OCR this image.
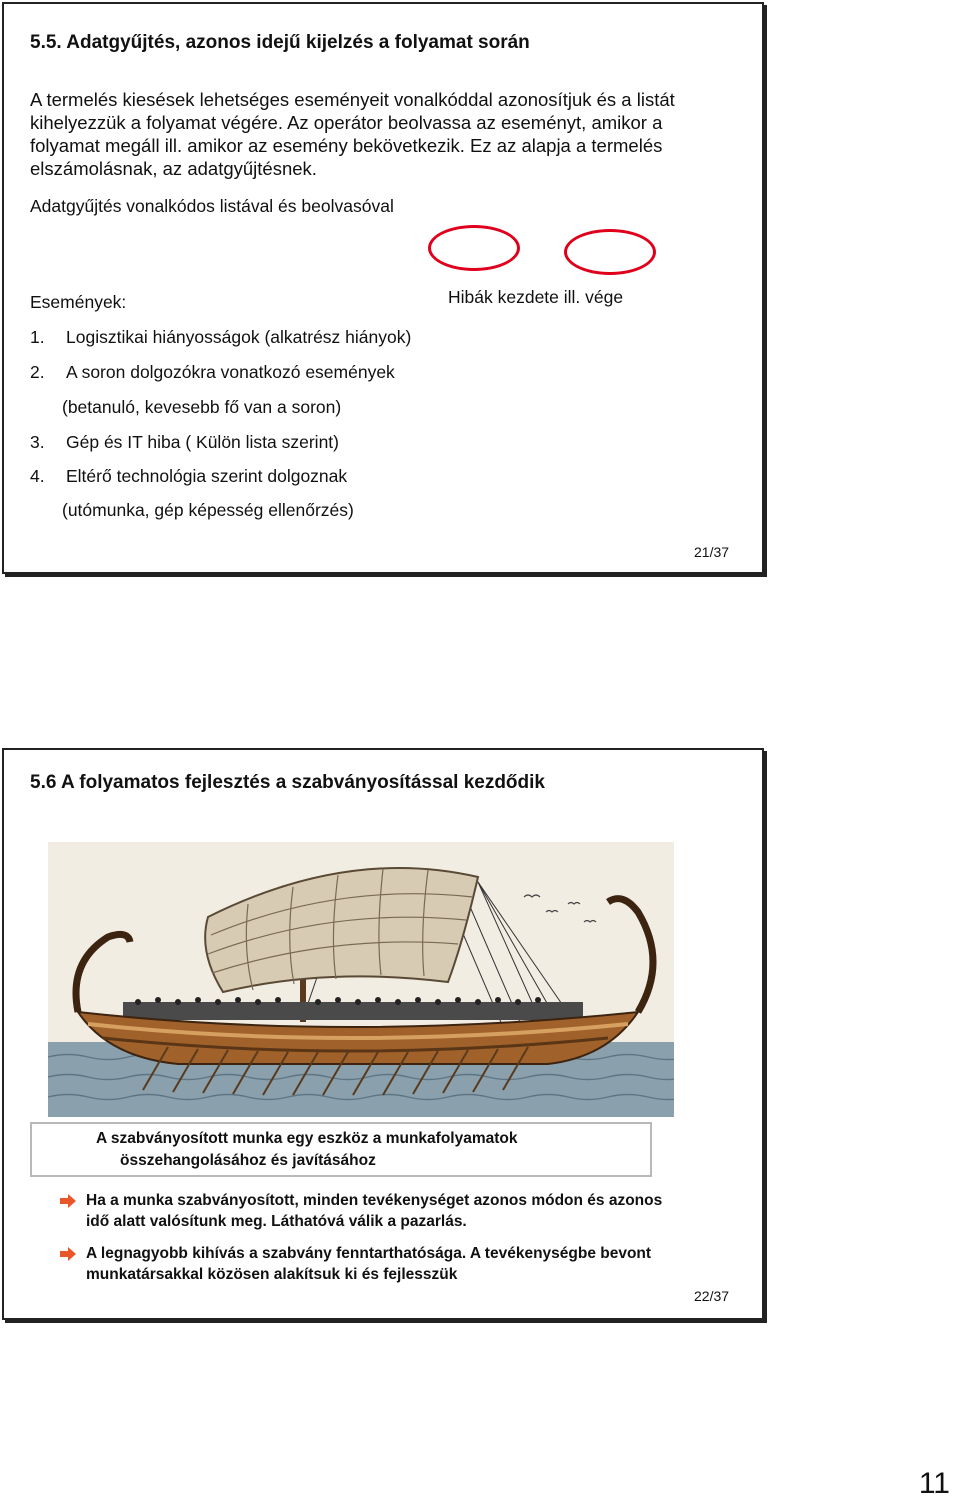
5.5. Adatgyűjtés, azonos idejű kijelzés a folyamat során
A termelés kiesések lehetséges eseményeit vonalkóddal azonosítjuk és a listát
kihelyezzük a folyamat végére. Az operátor beolvassa az eseményt, amikor a
folyamat megáll ill. amikor az esemény bekövetkezik. Ez az alapja a termelés
elszámolásnak, az adatgyűjtésnek.
Adatgyűjtés vonalkódos listával és beolvasóval
Hibák kezdete ill. vége
Események:
1. Logisztikai hiányosságok (alkatrész hiányok)
2. A soron dolgozókra vonatkozó események
(betanuló, kevesebb fő van a soron)
3. Gép és IT hiba ( Külön lista szerint)
4. Eltérő technológia szerint dolgoznak
(utómunka, gép képesség ellenőrzés)
21/37
5.6 A folyamatos fejlesztés a szabványosítással kezdődik
A szabványosított munka egy eszköz a munkafolyamatok
összehangolásához és javításához
Ha a munka szabványosított, minden tevékenységet azonos módon és azonos
idő alatt valósítunk meg. Láthatóvá válik a pazarlás.
A legnagyobb kihívás a szabvány fenntarthatósága. A tevékenységbe bevont
munkatársakkal közösen alakítsuk ki és fejlesszük
22/37
11
